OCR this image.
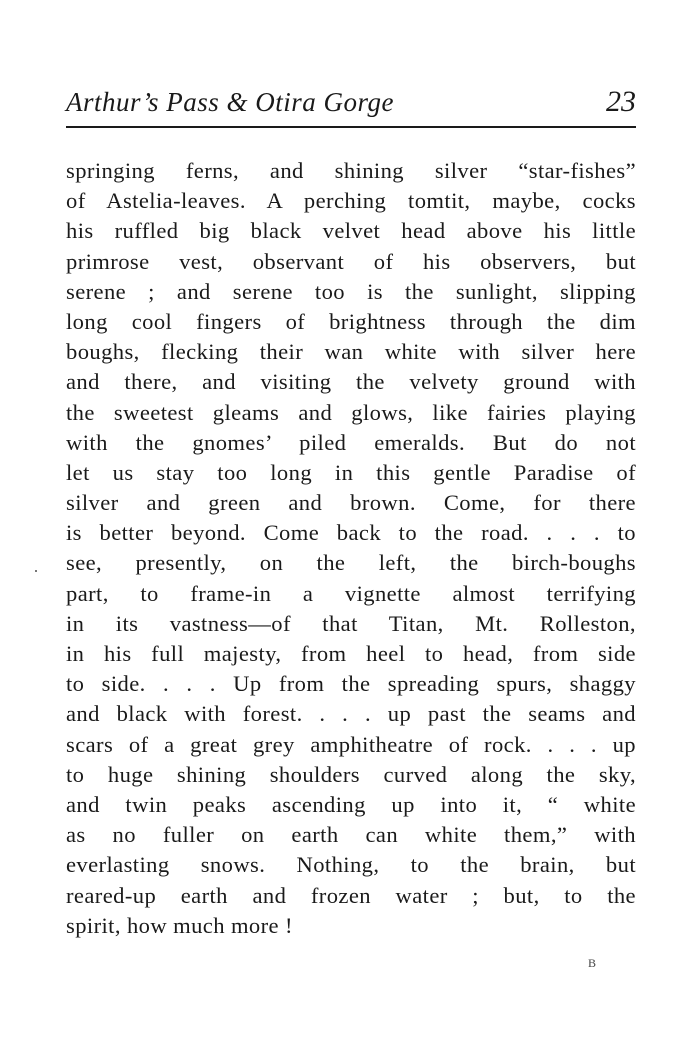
Arthur’s Pass & Otira Gorge	23
springing ferns, and shining silver “star-fishes”
of Astelia-leaves. A perching tomtit, maybe, cocks
his ruffled big black velvet head above his little
primrose vest, observant of his observers, but
serene ; and serene too is the sunlight, slipping
long cool fingers of brightness through the dim
boughs, flecking their wan white with silver here
and there, and visiting the velvety ground with
the sweetest gleams and glows, like fairies playing
with the gnomes’ piled emeralds. But do not
let us stay too long in this gentle Paradise of
silver and green and brown. Come, for there
is better beyond. Come back to the road. . . . to
see, presently, on the left, the birch-boughs
part, to frame-in a vignette almost terrifying
in its vastness—of that Titan, Mt. Rolleston,
in his full majesty, from heel to head, from side
to side. . . . Up from the spreading spurs, shaggy
and black with forest. . . . up past the seams and
scars of a great grey amphitheatre of rock. . . . up
to huge shining shoulders curved along the sky,
and twin peaks ascending up into it, “ white
as no fuller on earth can white them,” with
everlasting snows. Nothing, to the brain, but
reared-up earth and frozen water ; but, to the
spirit, how much more !
B
